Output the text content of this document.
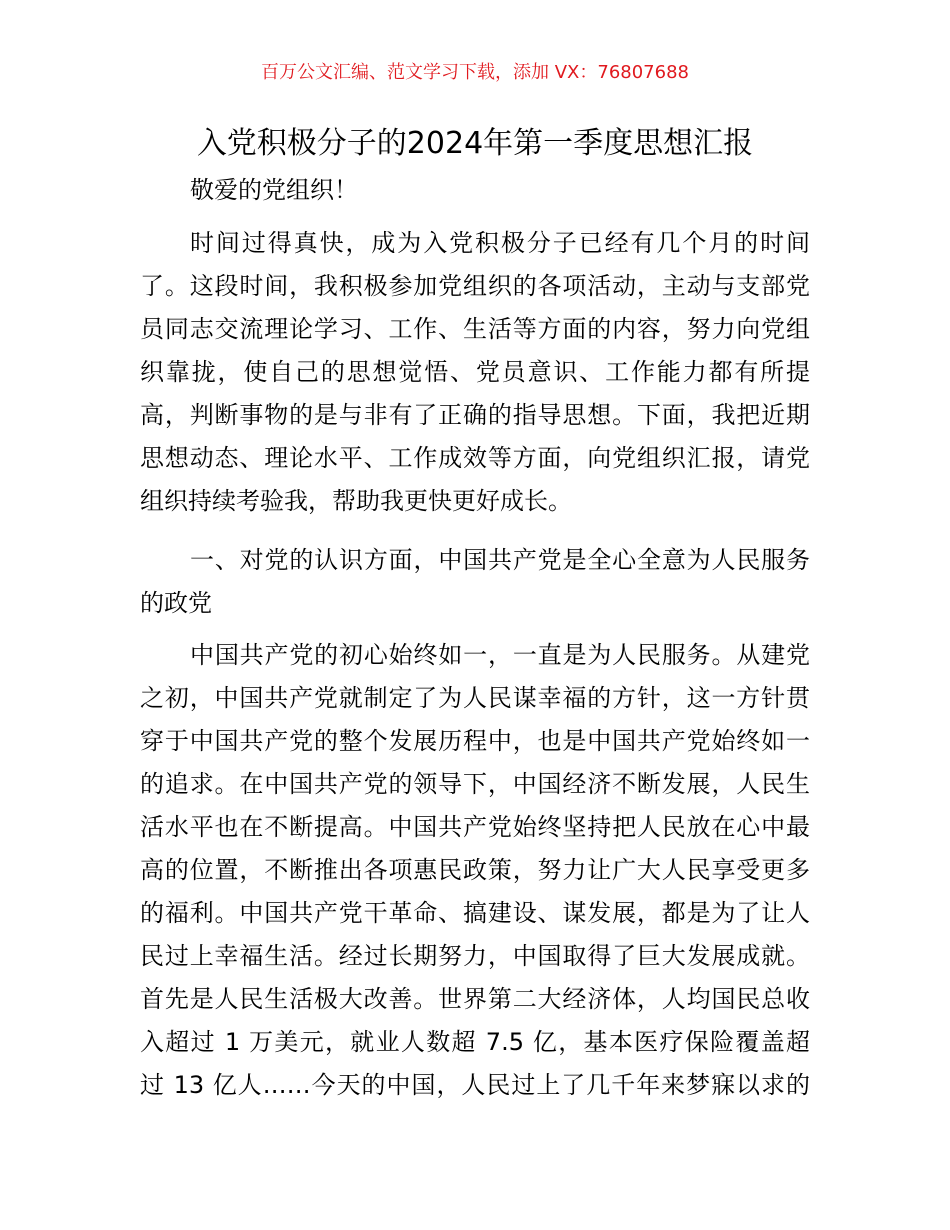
百万公文汇编、范文学习下载，添加 VX：76807688
入党积极分子的2024年第一季度思想汇报
敬爱的党组织！
时间过得真快，成为入党积极分子已经有几个月的时间
了。这段时间，我积极参加党组织的各项活动，主动与支部党
员同志交流理论学习、工作、生活等方面的内容，努力向党组
织靠拢，使自己的思想觉悟、党员意识、工作能力都有所提
高，判断事物的是与非有了正确的指导思想。下面，我把近期
思想动态、理论水平、工作成效等方面，向党组织汇报，请党
组织持续考验我，帮助我更快更好成长。
一、对党的认识方面，中国共产党是全心全意为人民服务
的政党
中国共产党的初心始终如一，一直是为人民服务。从建党
之初，中国共产党就制定了为人民谋幸福的方针，这一方针贯
穿于中国共产党的整个发展历程中，也是中国共产党始终如一
的追求。在中国共产党的领导下，中国经济不断发展，人民生
活水平也在不断提高。中国共产党始终坚持把人民放在心中最
高的位置，不断推出各项惠民政策，努力让广大人民享受更多
的福利。中国共产党干革命、搞建设、谋发展，都是为了让人
民过上幸福生活。经过长期努力，中国取得了巨大发展成就。
首先是人民生活极大改善。世界第二大经济体，人均国民总收
入超过 1 万美元，就业人数超 7.5 亿，基本医疗保险覆盖超
过 13 亿人……今天的中国，人民过上了几千年来梦寐以求的
